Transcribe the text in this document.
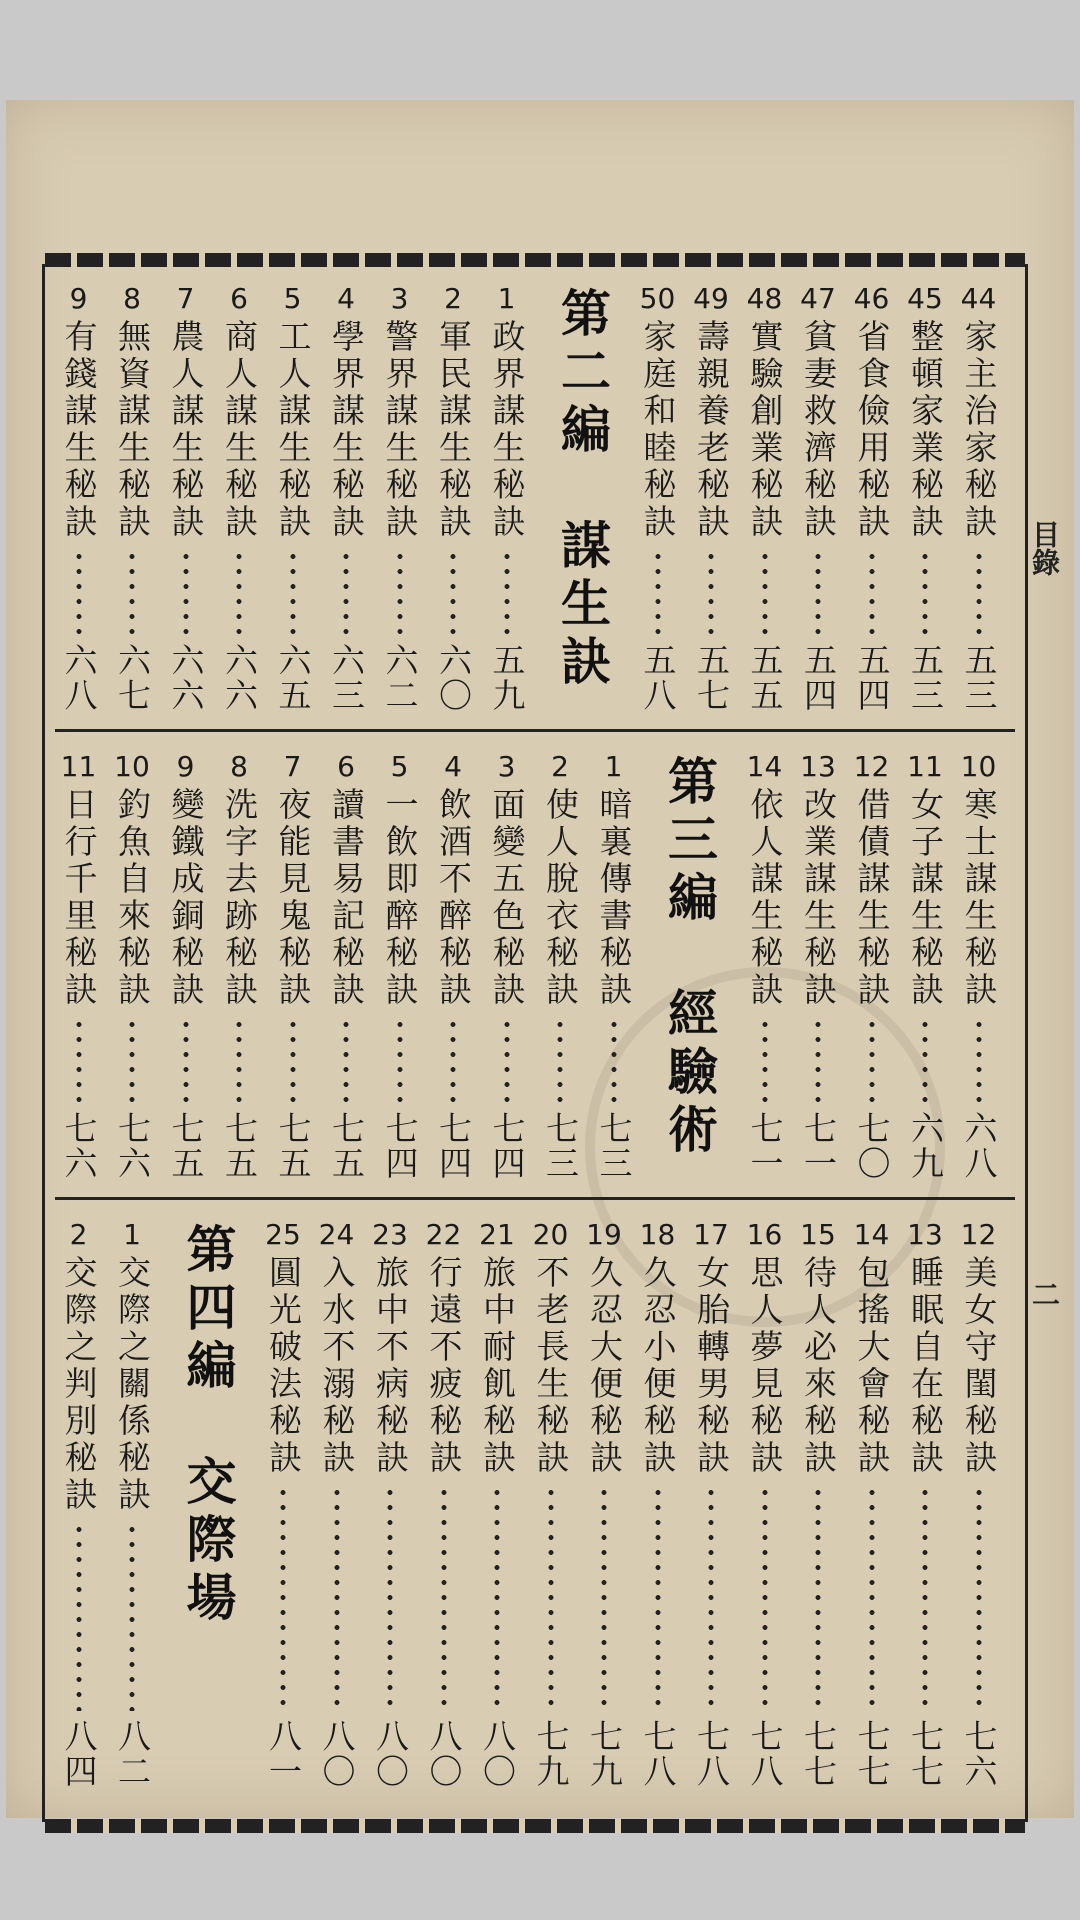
目錄
二
44
家主治家秘訣
五三
45
整頓家業秘訣
五三
46
省食儉用秘訣
五四
47
貧妻救濟秘訣
五四
48
實驗創業秘訣
五五
49
壽親養老秘訣
五七
50
家庭和睦秘訣
五八
第二編　謀生訣
1
政界謀生秘訣
五九
2
軍民謀生秘訣
六〇
3
警界謀生秘訣
六二
4
學界謀生秘訣
六三
5
工人謀生秘訣
六五
6
商人謀生秘訣
六六
7
農人謀生秘訣
六六
8
無資謀生秘訣
六七
9
有錢謀生秘訣
六八
10
寒士謀生秘訣
六八
11
女子謀生秘訣
六九
12
借債謀生秘訣
七〇
13
改業謀生秘訣
七一
14
依人謀生秘訣
七一
第三編　經驗術
1
暗裏傳書秘訣
七三
2
使人脫衣秘訣
七三
3
面變五色秘訣
七四
4
飲酒不醉秘訣
七四
5
一飲即醉秘訣
七四
6
讀書易記秘訣
七五
7
夜能見鬼秘訣
七五
8
洗字去跡秘訣
七五
9
變鐵成銅秘訣
七五
10
釣魚自來秘訣
七六
11
日行千里秘訣
七六
12
美女守閨秘訣
七六
13
睡眠自在秘訣
七七
14
包搖大會秘訣
七七
15
待人必來秘訣
七七
16
思人夢見秘訣
七八
17
女胎轉男秘訣
七八
18
久忍小便秘訣
七八
19
久忍大便秘訣
七九
20
不老長生秘訣
七九
21
旅中耐飢秘訣
八〇
22
行遠不疲秘訣
八〇
23
旅中不病秘訣
八〇
24
入水不溺秘訣
八〇
25
圓光破法秘訣
八一
第四編　交際場
1
交際之關係秘訣
八二
2
交際之判別秘訣
八四
